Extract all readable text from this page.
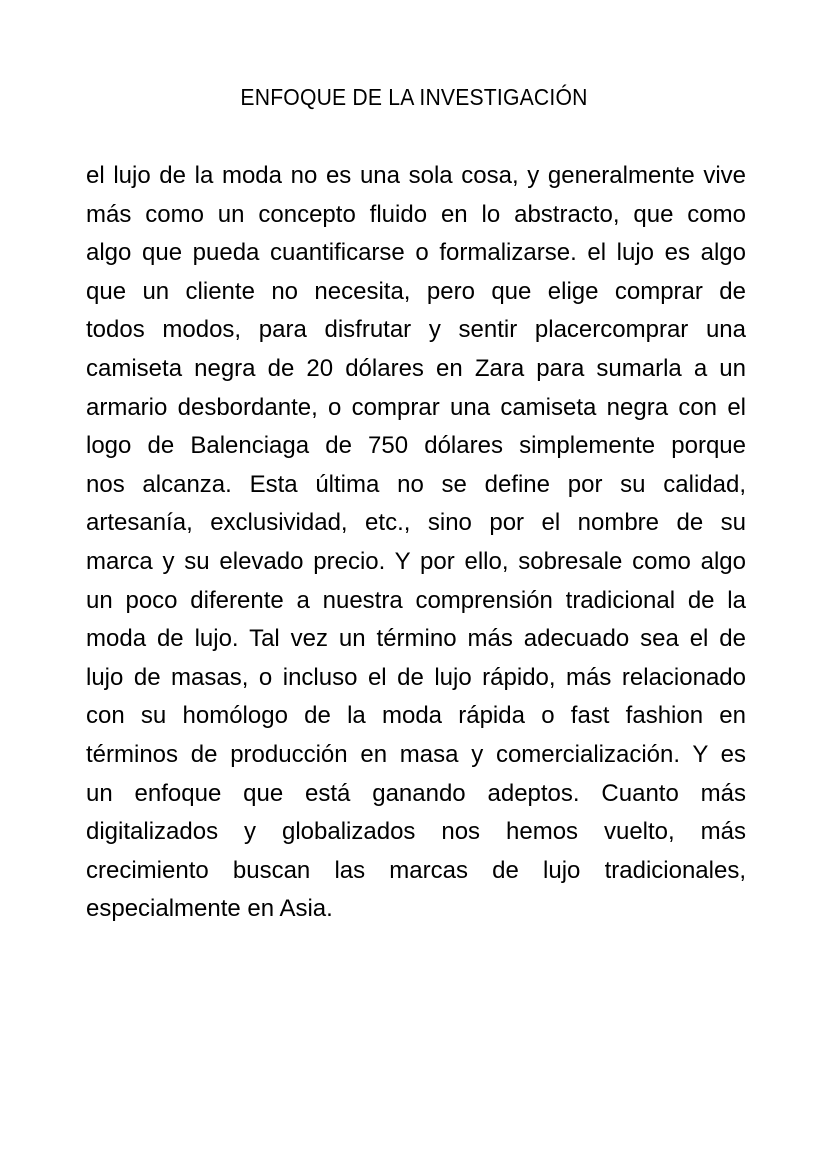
ENFOQUE DE LA INVESTIGACIÓN
el lujo de la moda no es una sola cosa, y generalmente vive
más como un concepto fluido en lo abstracto, que como
algo que pueda cuantificarse o formalizarse. el lujo es algo
que un cliente no necesita, pero que elige comprar de
todos modos, para disfrutar y sentir placercomprar una
camiseta negra de 20 dólares en Zara para sumarla a un
armario desbordante, o comprar una camiseta negra con el
logo de Balenciaga de 750 dólares simplemente porque
nos alcanza. Esta última no se define por su calidad,
artesanía, exclusividad, etc., sino por el nombre de su
marca y su elevado precio. Y por ello, sobresale como algo
un poco diferente a nuestra comprensión tradicional de la
moda de lujo. Tal vez un término más adecuado sea el de
lujo de masas, o incluso el de lujo rápido, más relacionado
con su homólogo de la moda rápida o fast fashion en
términos de producción en masa y comercialización. Y es
un enfoque que está ganando adeptos. Cuanto más
digitalizados y globalizados nos hemos vuelto, más
crecimiento buscan las marcas de lujo tradicionales,
especialmente en Asia.
